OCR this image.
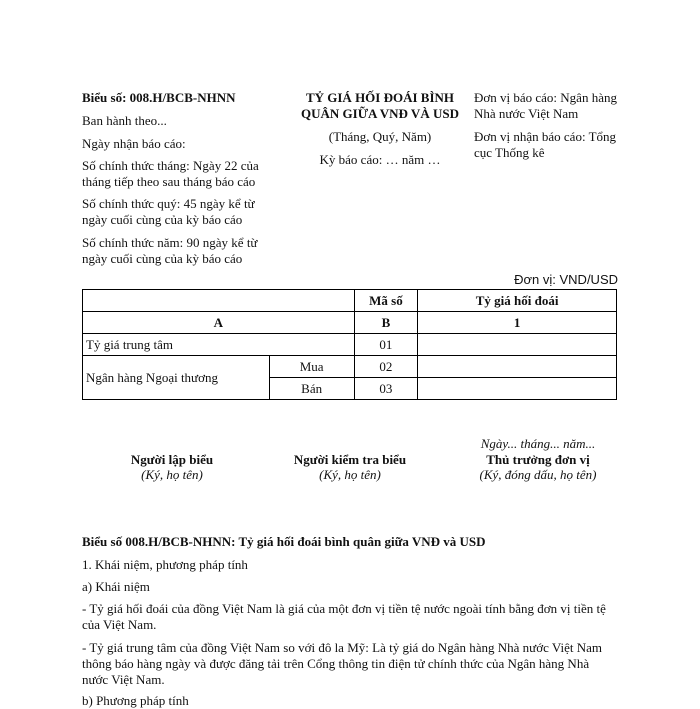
Biểu số: 008.H/BCB-NHNN
Ban hành theo...
Ngày nhận báo cáo:
Số chính thức tháng: Ngày 22 của tháng tiếp theo sau tháng báo cáo
Số chính thức quý: 45 ngày kể từ ngày cuối cùng của kỳ báo cáo
Số chính thức năm: 90 ngày kể từ ngày cuối cùng của kỳ báo cáo
TỶ GIÁ HỐI ĐOÁI BÌNH QUÂN GIỮA VNĐ VÀ USD
(Tháng, Quý, Năm)
Kỳ báo cáo: … năm …
Đơn vị báo cáo: Ngân hàng Nhà nước Việt Nam
Đơn vị nhận báo cáo: Tổng cục Thống kê
Đơn vị: VND/USD
		Mã số	Tỷ giá hối đoái
A		B	1
Tỷ giá trung tâm		01	
Ngân hàng Ngoại thương	Mua	02	
	Bán	03	
Ngày... tháng... năm...
Người lập biểu
(Ký, họ tên)
Người kiểm tra biểu
(Ký, họ tên)
Thủ trưởng đơn vị
(Ký, đóng dấu, họ tên)
Biểu số 008.H/BCB-NHNN: Tỷ giá hối đoái bình quân giữa VNĐ và USD
1. Khái niệm, phương pháp tính
a) Khái niệm
- Tỷ giá hối đoái của đồng Việt Nam là giá của một đơn vị tiền tệ nước ngoài tính bằng đơn vị tiền tệ của Việt Nam.
- Tỷ giá trung tâm của đồng Việt Nam so với đô la Mỹ: Là tỷ giá do Ngân hàng Nhà nước Việt Nam thông báo hàng ngày và được đăng tải trên Cổng thông tin điện tử chính thức của Ngân hàng Nhà nước Việt Nam.
b) Phương pháp tính
